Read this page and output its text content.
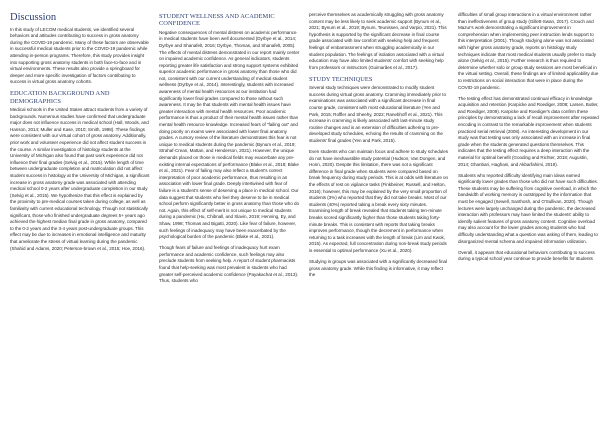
Discussion

In this study of LECOM medical students, we identified several behaviors and attitudes contributing to success in gross anatomy during the COVID-19 pandemic. Many of these factors are observable in successful medical students prior to the COVID-19 pandemic while attending in-person programs. Therefore, this study provides insight into supporting gross anatomy students in both face-to-face and in virtual environments. These results also provide a springboard for deeper and more specific investigation of factors contributing to success in virtual gross anatomy cohorts.

EDUCATION BACKGROUND AND DEMOGRAPHICS

Medical schools in the United States attract students from a variety of backgrounds. Numerous studies have confirmed that undergraduate major does not influence success in medical school (Hall, Woods, and Hanson, 2014; Muller and Kase, 2010; Smith, 1998). These findings were consistent with our virtual cohort of gross anatomy. Additionally, prior work and volunteer experience did not affect student success in the course. A similar investigation of histology students at the University of Michigan also found that past work experience did not influence their final grades (Selvig et al., 2015). While length of time between undergraduate completion and matriculation did not affect student success in histology at the University of Michigan, a significant increase in gross anatomy grade was associated with attending medical school 0-2 years after undergraduate completion in our study (Selvig et al., 2015). We hypothesize that this effect is explained by the proximity to pre-medical courses taken during college, as well as familiarity with current educational technology. Though not statistically significant, those who finished undergraduate degrees 5+ years ago achieved the highest median final grade in gross anatomy, compared to the 0-2 years and the 3-4 years post-undergraduate groups. This effect may be due to increases in emotional intelligence and maturity that ameliorate the stress of virtual learning during the pandemic (Shahid and Adams, 2020; Peterson-brown et al., 2015; Hoe, 2016).

STUDENT WELLNESS AND ACADEMIC CONFIDENCE

Negative consequences of mental distress on academic performance in medical students have been well documented (Dyrbye et al., 2014; Dyrbye and Shanafelt, 2016; Dyrbye, Thomas, and Shanafelt, 2005). The effects of mental distress demonstrated in our report mainly center on impaired academic confidence. As general indicators, students reporting greater life satisfaction and strong support systems exhibited superior academic performance in gross anatomy than those who did not, consistent with our current understanding of medical student wellness (Dyrbye et al., 2014). Interestingly, students with increased awareness of mental health resources at our institution had significantly lower final grades compared to those without such awareness. It may be that students with mental health issues have greater interaction with mental health resources. Poor academic performance is thus a product of their mental health issues rather than mental health resource knowledge. Increased fears of "failing out" and doing poorly on exams were associated with lower final anatomy grades. A cursory review of the literature demonstrates this fear is not unique to medical students during the pandemic (Bynum et al., 2019; Strahaf-Crean, Mattan, and Henderson, 2021). However, the unique demands placed on those in medical fields may exacerbate any pre-existing internal expectations of performance (Blake et al., 2018; Blake et al., 2021). Fear of failing may also reflect a student's correct interpretation of poor academic performance, thus resulting in an association with lower final grade. Deeply intertwined with fear of failure is a student's sense of deserving a place in medical school. Our data suggest that students who feel they deserve to be in medical school perform significantly better in gross anatomy than those who do not. Again, this effect of self-merit is not unique to medical students during a pandemic (Hu, Chibnall, and Slavin, 2019; Henning, Ey, and Shaw, 1998; Thomas and Bigatti, 2020). Like fear of failure, however, such feelings of inadequacy may have been exacerbated by the psychological burden of the pandemic (Blake et al., 2021).

Though fears of failure and feelings of inadequacy hurt exam performance and academic confidence, such feelings may also preclude students from seeking help. A report of student pharmacists found that help-seeking was most prevalent in students who had greater self-perceived academic confidence (Payakachat et al., 2013). Thus, students who

perceive themselves as academically struggling with gross anatomy content may be less likely to seek academic support (Bynum et al., 2021; Bynum et al., 2019; Bynum, Teunissen, and Varpio, 2021). This hypothesis is supported by the significant decrease in final course grade associated with low comfort with seeking help and frequent feelings of embarrassment when struggling academically in our student population. The feelings of isolation associated with a virtual education may have also limited students' comfort with seeking help from professors or instructors (Guimarães et al., 2017).

STUDY TECHNIQUES

Several study techniques were demonstrated to modify student success during virtual gross anatomy. Cramming immediately prior to examinations was associated with a significant decrease in final course grade, consistent with most educational literature (Yen and Park, 2015; Roffler and Sheehy, 2022; Ranebhoff et al., 2021). This increase in cramming is likely associated with last-minute study routine changes and is an extension of difficulties adhering to pre-developed study schedules, echoing the results of cramming on the students' final grades (Yen and Park, 2015).

Even students who can maintain focus and adhere to study schedules do not have inexhaustible study potential (Hudson, Van Dongen, and Honn, 2020). Despite this limitation, there was not a significant difference in final grade when students were compared based on break frequency during study periods. This is at odds with literature on the effects of rest on vigilance tasks (Finkbeiner, Russell, and Helton, 2016); however, this may be explained by the very small proportion of students (3%) who reported that they did not take breaks. Most of our students (40%) reported taking a break every sixty minutes. Examining length of break revealed that students taking ten-minute breaks scored significantly higher than those students taking forty-minute breaks. This is consistent with reports that taking breaks improves performance, though the decrement in performance when returning to a task increases with the length of break (Lim and Kwok, 2015). As expected, full concentration during non-break study periods is essential to optimal performance (Xu et al., 2020).

Studying in groups was associated with a significantly decreased final gross anatomy grade. While this finding is informative, it may reflect the

difficulties of small group interactions in a virtual environment rather than ineffectiveness of group study (Gillett-Swan, 2017). Crouch and Mazur's work demonstrating a significant improvement in comprehension when implementing peer instruction lends support to this interpretation (2001). Though studying alone was not associated with higher gross anatomy grade, reports on histology study techniques indicate that most medical students usually prefer to study alone (Selvig et al., 2015). Further research is thus required to determine whether solo or group study sessions are most beneficial in the virtual setting. Overall, these findings are of limited applicability due to restrictions on social interaction that were in place during the COVID-19 pandemic.

The testing effect has demonstrated continual efficacy in knowledge acquisition and retention (Karpicke and Roediger, 2008; Larsen, Butler, and Roediger, 2009). Karpicke and Roediger's data confirm these principles by demonstrating a lack of recall improvement after repeated encoding in contrast to the remarkable improvement when students practiced serial retrieval (2008). An interesting development in our study was that testing was only associated with an increase in final grade when the students generated questions themselves. This indicates that the testing effect requires a deep interaction with the material for optimal benefit (Gooding and Richter, 2018; Augustin, 2014; Ghanbari, Haghani, and Akbarfahimi, 2019).

Students who reported difficulty identifying main ideas earned significantly lower grades than those who did not have such difficulties. These students may be suffering from cognitive overload, in which the bandwidth of working memory is outstripped by the information that must be engaged (Sewell, Santhosh, and O'Sullivan, 2020). Though lectures were largely unchanged during the pandemic, the decreased interaction with professors may have limited the students' ability to identify salient features of gross anatomy content. Cognitive overload may also account for the lower grades among students who had difficulty understanding what a question was asking of them, leading to disorganized mental schema and impaired information utilization.

Overall, it appears that educational behaviors contributing to success during a typical school year continue to provide benefits for students
